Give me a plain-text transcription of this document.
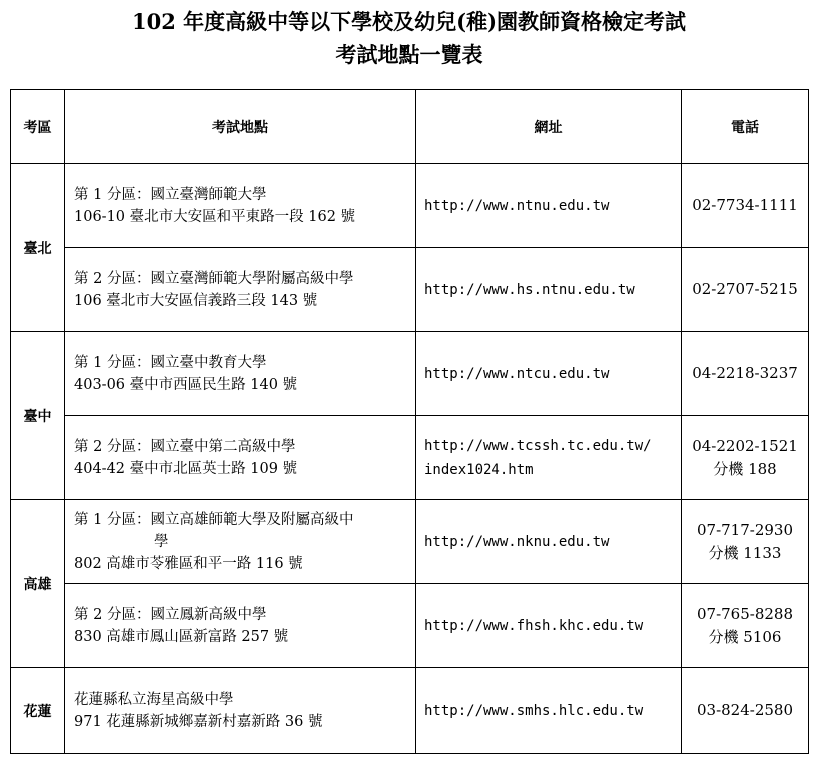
102 年度高級中等以下學校及幼兒(稚)園教師資格檢定考試
考試地點一覽表
考區	考試地點	網址	電話
臺北	第 1 分區：國立臺灣師範大學
106-10 臺北市大安區和平東路一段 162 號	http://www.ntnu.edu.tw	02-7734-1111

	第 2 分區：國立臺灣師範大學附屬高級中學
106 臺北市大安區信義路三段 143 號	http://www.hs.ntnu.edu.tw	02-2707-5215
臺中	第 1 分區：國立臺中教育大學
403-06 臺中市西區民生路 140 號	http://www.ntcu.edu.tw	04-2218-3237

	第 2 分區：國立臺中第二高級中學
404-42 臺中市北區英士路 109 號	http://www.tcssh.tc.edu.tw/
index1024.htm	04-2202-1521
分機 188

高雄	第 1 分區：國立高雄師範大學及附屬高級中
學
802 高雄市苓雅區和平一路 116 號	http://www.nknu.edu.tw	07-717-2930
分機 1133

	第 2 分區：國立鳳新高級中學
830 高雄市鳳山區新富路 257 號	http://www.fhsh.khc.edu.tw	07-765-8288
分機 5106

花蓮	花蓮縣私立海星高級中學
971 花蓮縣新城鄉嘉新村嘉新路 36 號	http://www.smhs.hlc.edu.tw	03-824-2580
